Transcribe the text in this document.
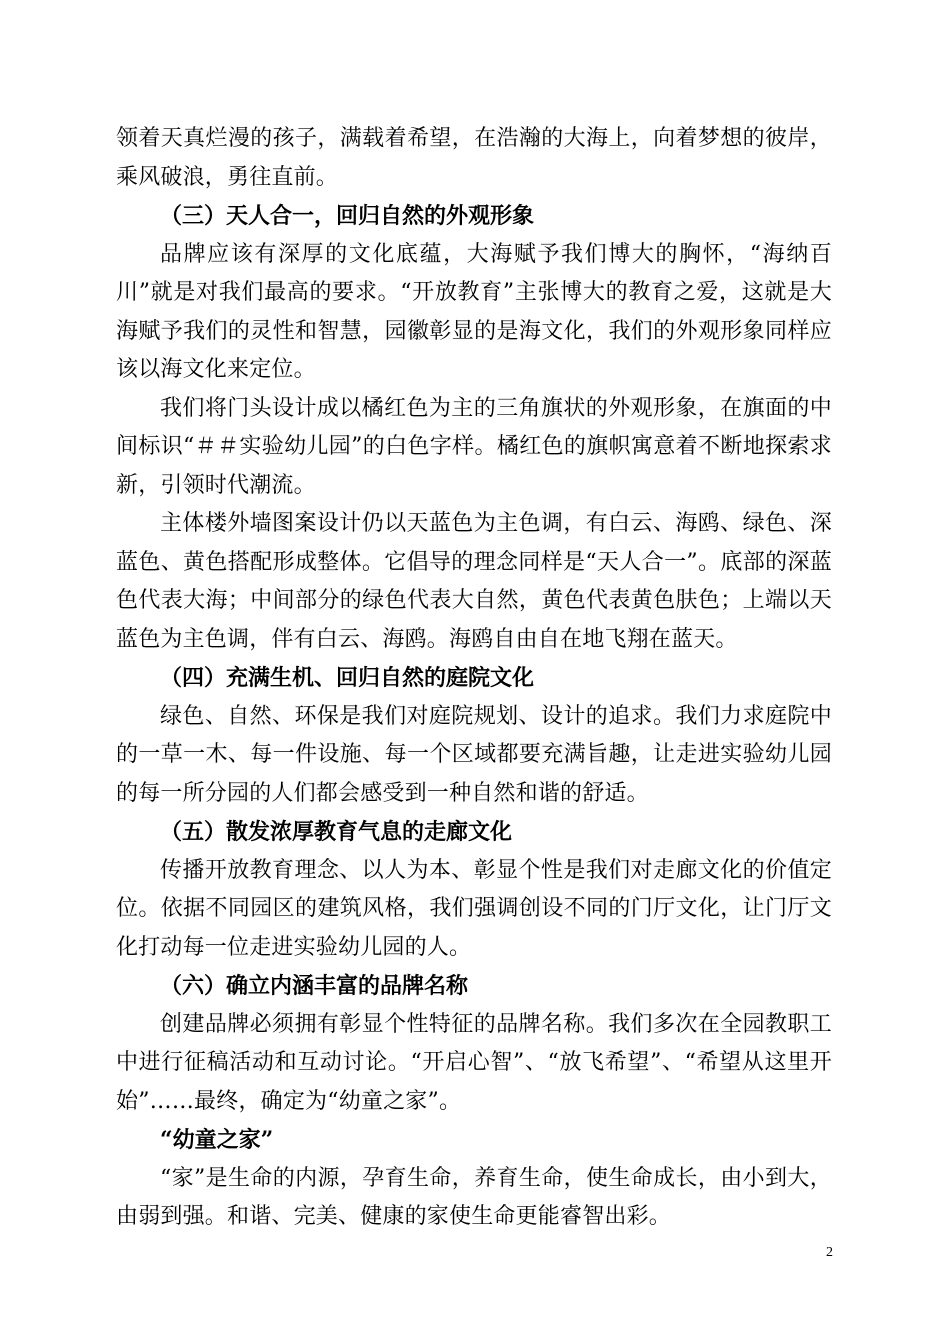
领着天真烂漫的孩子，满载着希望，在浩瀚的大海上，向着梦想的彼岸，乘风破浪，勇往直前。

（三）天人合一，回归自然的外观形象

品牌应该有深厚的文化底蕴，大海赋予我们博大的胸怀，“海纳百川”就是对我们最高的要求。“开放教育”主张博大的教育之爱，这就是大海赋予我们的灵性和智慧，园徽彰显的是海文化，我们的外观形象同样应该以海文化来定位。

我们将门头设计成以橘红色为主的三角旗状的外观形象，在旗面的中间标识“＃＃实验幼儿园”的白色字样。橘红色的旗帜寓意着不断地探索求新，引领时代潮流。

主体楼外墙图案设计仍以天蓝色为主色调，有白云、海鸥、绿色、深蓝色、黄色搭配形成整体。它倡导的理念同样是“天人合一”。底部的深蓝色代表大海；中间部分的绿色代表大自然，黄色代表黄色肤色；上端以天蓝色为主色调，伴有白云、海鸥。海鸥自由自在地飞翔在蓝天。

（四）充满生机、回归自然的庭院文化

绿色、自然、环保是我们对庭院规划、设计的追求。我们力求庭院中的一草一木、每一件设施、每一个区域都要充满旨趣，让走进实验幼儿园的每一所分园的人们都会感受到一种自然和谐的舒适。

（五）散发浓厚教育气息的走廊文化

传播开放教育理念、以人为本、彰显个性是我们对走廊文化的价值定位。依据不同园区的建筑风格，我们强调创设不同的门厅文化，让门厅文化打动每一位走进实验幼儿园的人。

（六）确立内涵丰富的品牌名称

创建品牌必须拥有彰显个性特征的品牌名称。我们多次在全园教职工中进行征稿活动和互动讨论。“开启心智”、“放飞希望”、“希望从这里开始”……最终，确定为“幼童之家”。

“幼童之家”

“家”是生命的内源，孕育生命，养育生命，使生命成长，由小到大，由弱到强。和谐、完美、健康的家使生命更能睿智出彩。

2
